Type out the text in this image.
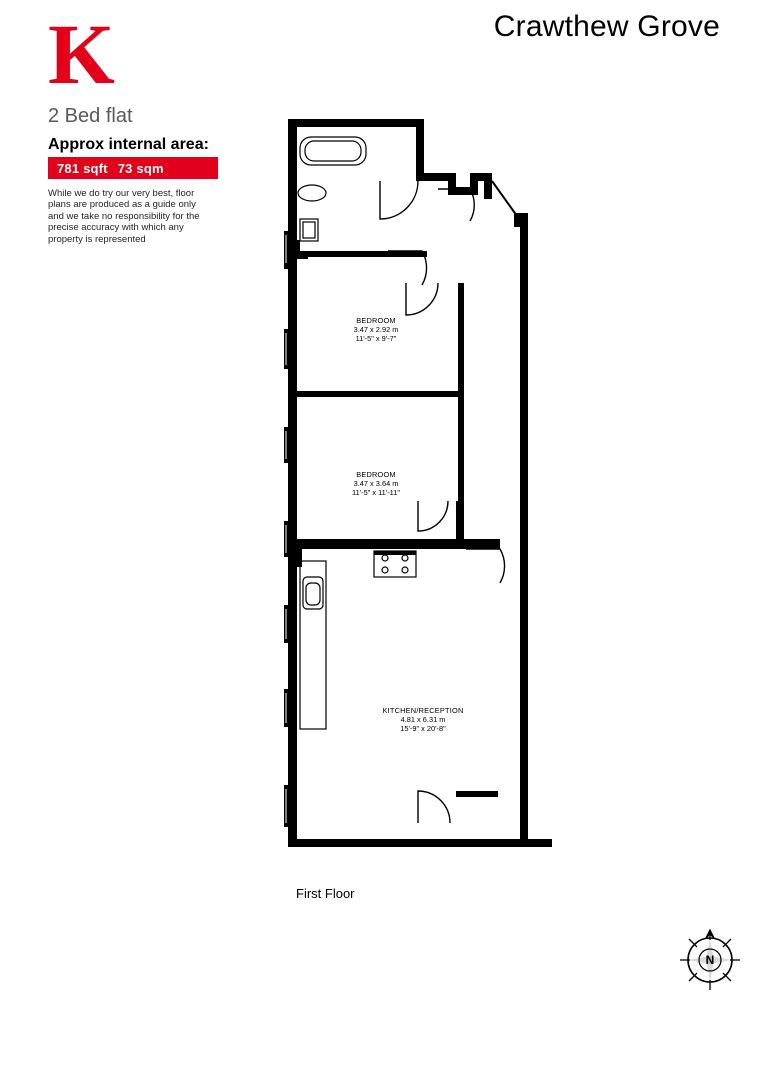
Crawthew Grove
K
2 Bed flat
Approx internal area:
781 sqft 73 sqm
While we do try our very best, floor plans are produced as a guide only and we take no responsibility for the precise accuracy with which any property is represented
BEDROOM
3.47 x 2.92 m
11'-5" x 9'-7"
BEDROOM
3.47 x 3.64 m
11'-5" x 11'-11"
KITCHEN/RECEPTION
4.81 x 6.31 m
15'-9" x 20'-8"
First Floor
N
